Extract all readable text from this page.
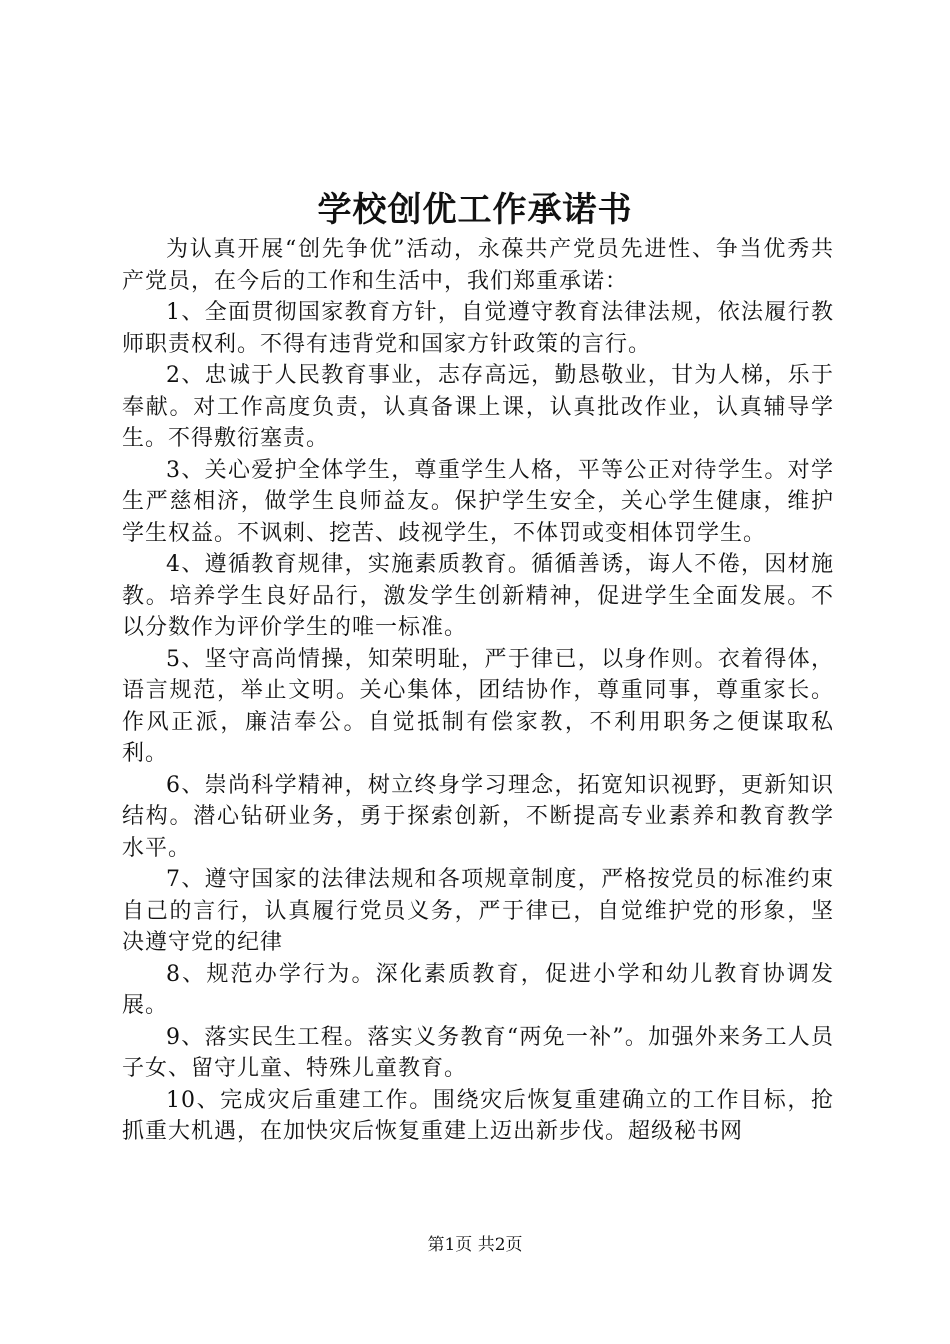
学校创优工作承诺书

为认真开展“创先争优”活动，永葆共产党员先进性、争当优秀共产党员，在今后的工作和生活中，我们郑重承诺：

1、全面贯彻国家教育方针，自觉遵守教育法律法规，依法履行教师职责权利。不得有违背党和国家方针政策的言行。

2、忠诚于人民教育事业，志存高远，勤恳敬业，甘为人梯，乐于奉献。对工作高度负责，认真备课上课，认真批改作业，认真辅导学生。不得敷衍塞责。

3、关心爱护全体学生，尊重学生人格，平等公正对待学生。对学生严慈相济，做学生良师益友。保护学生安全，关心学生健康，维护学生权益。不讽刺、挖苦、歧视学生，不体罚或变相体罚学生。

4、遵循教育规律，实施素质教育。循循善诱，诲人不倦，因材施教。培养学生良好品行，激发学生创新精神，促进学生全面发展。不以分数作为评价学生的唯一标准。

5、坚守高尚情操，知荣明耻，严于律已，以身作则。衣着得体，语言规范，举止文明。关心集体，团结协作，尊重同事，尊重家长。作风正派，廉洁奉公。自觉抵制有偿家教，不利用职务之便谋取私利。

6、崇尚科学精神，树立终身学习理念，拓宽知识视野，更新知识结构。潜心钻研业务，勇于探索创新，不断提高专业素养和教育教学水平。

7、遵守国家的法律法规和各项规章制度，严格按党员的标准约束自己的言行，认真履行党员义务，严于律已，自觉维护党的形象，坚决遵守党的纪律

8、规范办学行为。深化素质教育，促进小学和幼儿教育协调发展。

9、落实民生工程。落实义务教育“两免一补”。加强外来务工人员子女、留守儿童、特殊儿童教育。

10、完成灾后重建工作。围绕灾后恢复重建确立的工作目标，抢抓重大机遇，在加快灾后恢复重建上迈出新步伐。超级秘书网

第1页 共2页
